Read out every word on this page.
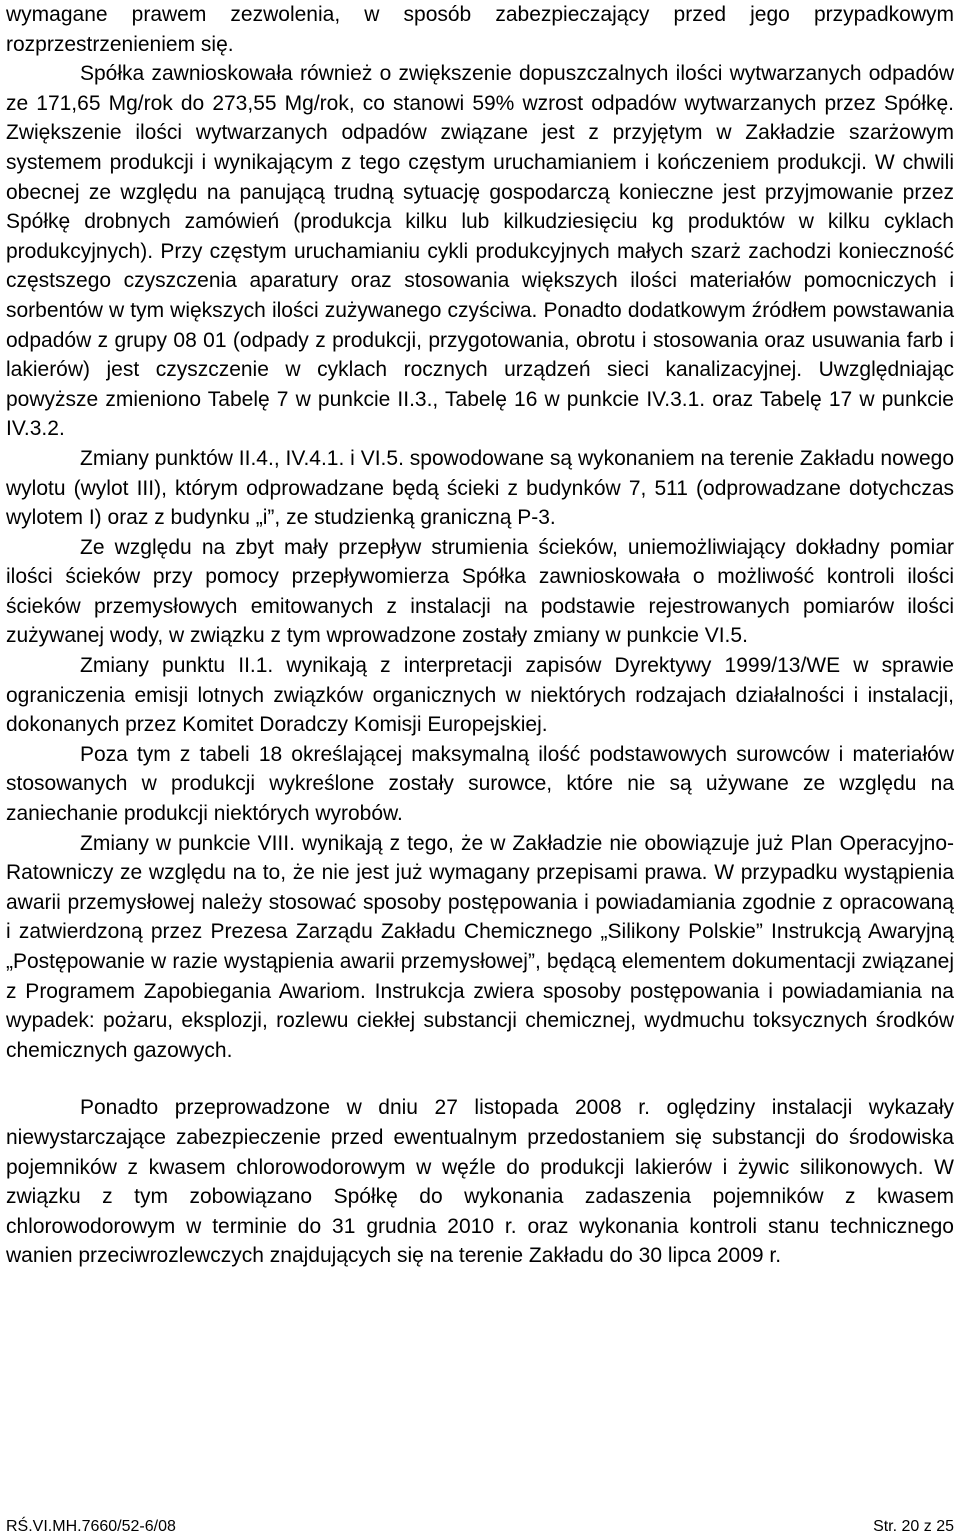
wymagane prawem zezwolenia, w sposób zabezpieczający przed jego przypadkowym rozprzestrzenieniem się.

Spółka zawnioskowała również o zwiększenie dopuszczalnych ilości wytwarzanych odpadów ze 171,65 Mg/rok do 273,55 Mg/rok, co stanowi 59% wzrost odpadów wytwarzanych przez Spółkę. Zwiększenie ilości wytwarzanych odpadów związane jest z przyjętym w Zakładzie szarżowym systemem produkcji i wynikającym z tego częstym uruchamianiem i kończeniem produkcji. W chwili obecnej ze względu na panującą trudną sytuację gospodarczą konieczne jest przyjmowanie przez Spółkę drobnych zamówień (produkcja kilku lub kilkudziesięciu kg produktów w kilku cyklach produkcyjnych). Przy częstym uruchamianiu cykli produkcyjnych małych szarż zachodzi konieczność częstszego czyszczenia aparatury oraz stosowania większych ilości materiałów pomocniczych i sorbentów w tym większych ilości zużywanego czyściwa. Ponadto dodatkowym źródłem powstawania odpadów z grupy 08 01 (odpady z produkcji, przygotowania, obrotu i stosowania oraz usuwania farb i lakierów) jest czyszczenie w cyklach rocznych urządzeń sieci kanalizacyjnej. Uwzględniając powyższe zmieniono Tabelę 7 w punkcie II.3., Tabelę 16 w punkcie IV.3.1. oraz Tabelę 17 w punkcie IV.3.2.

Zmiany punktów II.4., IV.4.1. i VI.5. spowodowane są wykonaniem na terenie Zakładu nowego wylotu (wylot III), którym odprowadzane będą ścieki z budynków 7, 511 (odprowadzane dotychczas wylotem I) oraz z budynku „i”, ze studzienką graniczną P-3.

Ze względu na zbyt mały przepływ strumienia ścieków, uniemożliwiający dokładny pomiar ilości ścieków przy pomocy przepływomierza Spółka zawnioskowała o możliwość kontroli ilości ścieków przemysłowych emitowanych z instalacji na podstawie rejestrowanych pomiarów ilości zużywanej wody, w związku z tym wprowadzone zostały zmiany w punkcie VI.5.

Zmiany punktu II.1. wynikają z interpretacji zapisów Dyrektywy 1999/13/WE w sprawie ograniczenia emisji lotnych związków organicznych w niektórych rodzajach działalności i instalacji, dokonanych przez Komitet Doradczy Komisji Europejskiej.

Poza tym z tabeli 18 określającej maksymalną ilość podstawowych surowców i materiałów stosowanych w produkcji wykreślone zostały surowce, które nie są używane ze względu na zaniechanie produkcji niektórych wyrobów.

Zmiany w punkcie VIII. wynikają z tego, że w Zakładzie nie obowiązuje już Plan Operacyjno-Ratowniczy ze względu na to, że nie jest już wymagany przepisami prawa. W przypadku wystąpienia awarii przemysłowej należy stosować sposoby postępowania i powiadamiania zgodnie z opracowaną i zatwierdzoną przez Prezesa Zarządu Zakładu Chemicznego „Silikony Polskie” Instrukcją Awaryjną „Postępowanie w razie wystąpienia awarii przemysłowej”, będącą elementem dokumentacji związanej z Programem Zapobiegania Awariom. Instrukcja zwiera sposoby postępowania i powiadamiania na wypadek: pożaru, eksplozji, rozlewu ciekłej substancji chemicznej, wydmuchu toksycznych środków chemicznych gazowych.

Ponadto przeprowadzone w dniu 27 listopada 2008 r. oględziny instalacji wykazały niewystarczające zabezpieczenie przed ewentualnym przedostaniem się substancji do środowiska pojemników z kwasem chlorowodorowym w węźle do produkcji lakierów i żywic silikonowych. W związku z tym zobowiązano Spółkę do wykonania zadaszenia pojemników z kwasem chlorowodorowym w terminie do 31 grudnia 2010 r. oraz wykonania kontroli stanu technicznego wanien przeciwrozlewczych znajdujących się na terenie Zakładu do 30 lipca 2009 r.

RŚ.VI.MH.7660/52-6/08	Str. 20 z 25
